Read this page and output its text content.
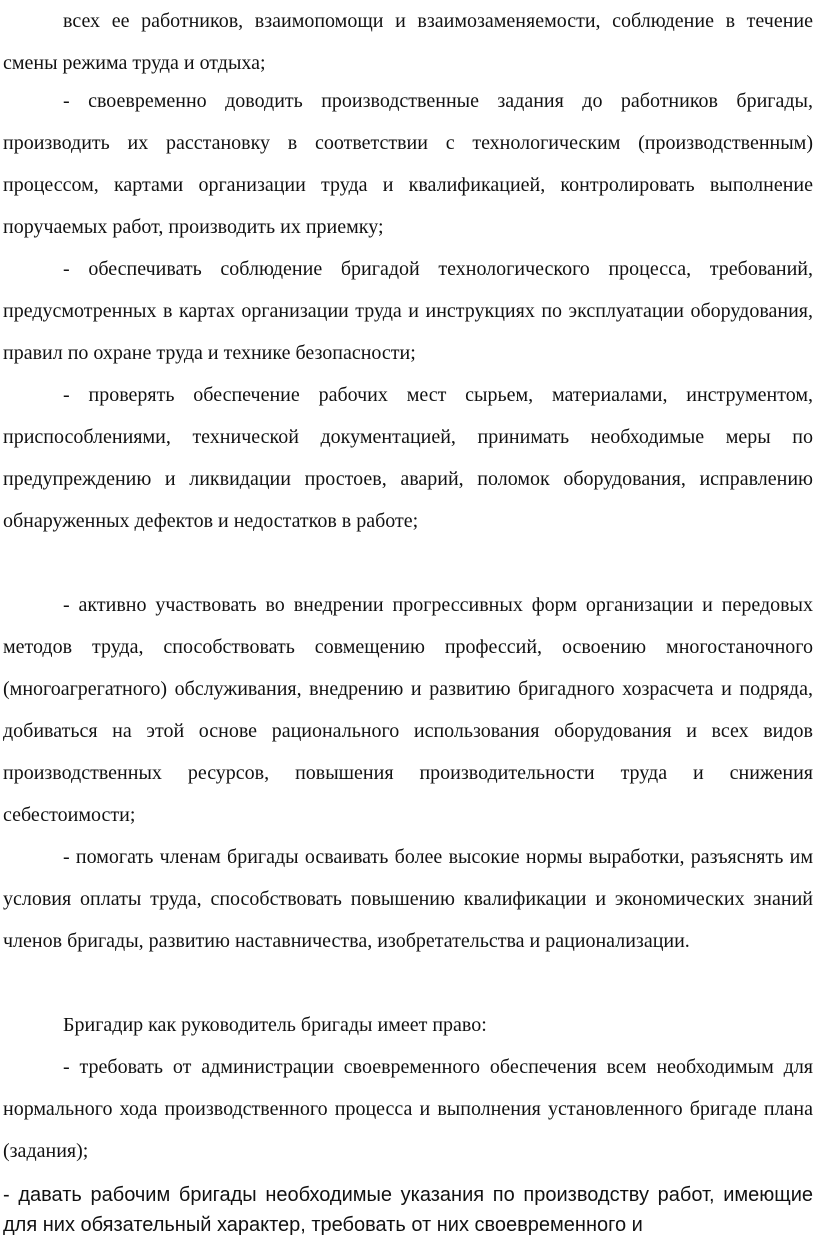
всех ее работников, взаимопомощи и взаимозаменяемости, соблюдение в течение смены режима труда и отдыха;

- своевременно доводить производственные задания до работников бригады, производить их расстановку в соответствии с технологическим (производственным) процессом, картами организации труда и квалификацией, контролировать выполнение поручаемых работ, производить их приемку;

- обеспечивать соблюдение бригадой технологического процесса, требований, предусмотренных в картах организации труда и инструкциях по эксплуатации оборудования, правил по охране труда и технике безопасности;

- проверять обеспечение рабочих мест сырьем, материалами, инструментом, приспособлениями, технической документацией, принимать необходимые меры по предупреждению и ликвидации простоев, аварий, поломок оборудования, исправлению обнаруженных дефектов и недостатков в работе;

- активно участвовать во внедрении прогрессивных форм организации и передовых методов труда, способствовать совмещению профессий, освоению многостаночного (многоагрегатного) обслуживания, внедрению и развитию бригадного хозрасчета и подряда, добиваться на этой основе рационального использования оборудования и всех видов производственных ресурсов, повышения производительности труда и снижения себестоимости;

- помогать членам бригады осваивать более высокие нормы выработки, разъяснять им условия оплаты труда, способствовать повышению квалификации и экономических знаний членов бригады, развитию наставничества, изобретательства и рационализации.

Бригадир как руководитель бригады имеет право:

- требовать от администрации своевременного обеспечения всем необходимым для нормального хода производственного процесса и выполнения установленного бригаде плана (задания);

- давать рабочим бригады необходимые указания по производству работ, имеющие для них обязательный характер, требовать от них своевременного и
